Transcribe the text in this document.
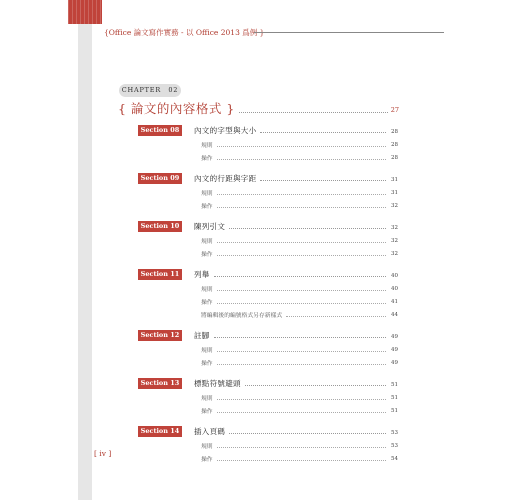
{Office 論文寫作實務 - 以 Office 2013 爲例 }
CHAPTER　02
{ 論文的內容格式 }	27
Section 08	內文的字型與大小	28
規則	28
操作	28
Section 09	內文的行距與字距	31
規則	31
操作	32
Section 10	陳列引文	32
規則	32
操作	32
Section 11	列舉	40
規則	40
操作	41
將編輯後的編號格式另存新樣式	44
Section 12	註腳	49
規則	49
操作	49
Section 13	標點符號避頭	51
規則	51
操作	51
Section 14	插入頁碼	53
規則	53
操作	54
[ iv ]
